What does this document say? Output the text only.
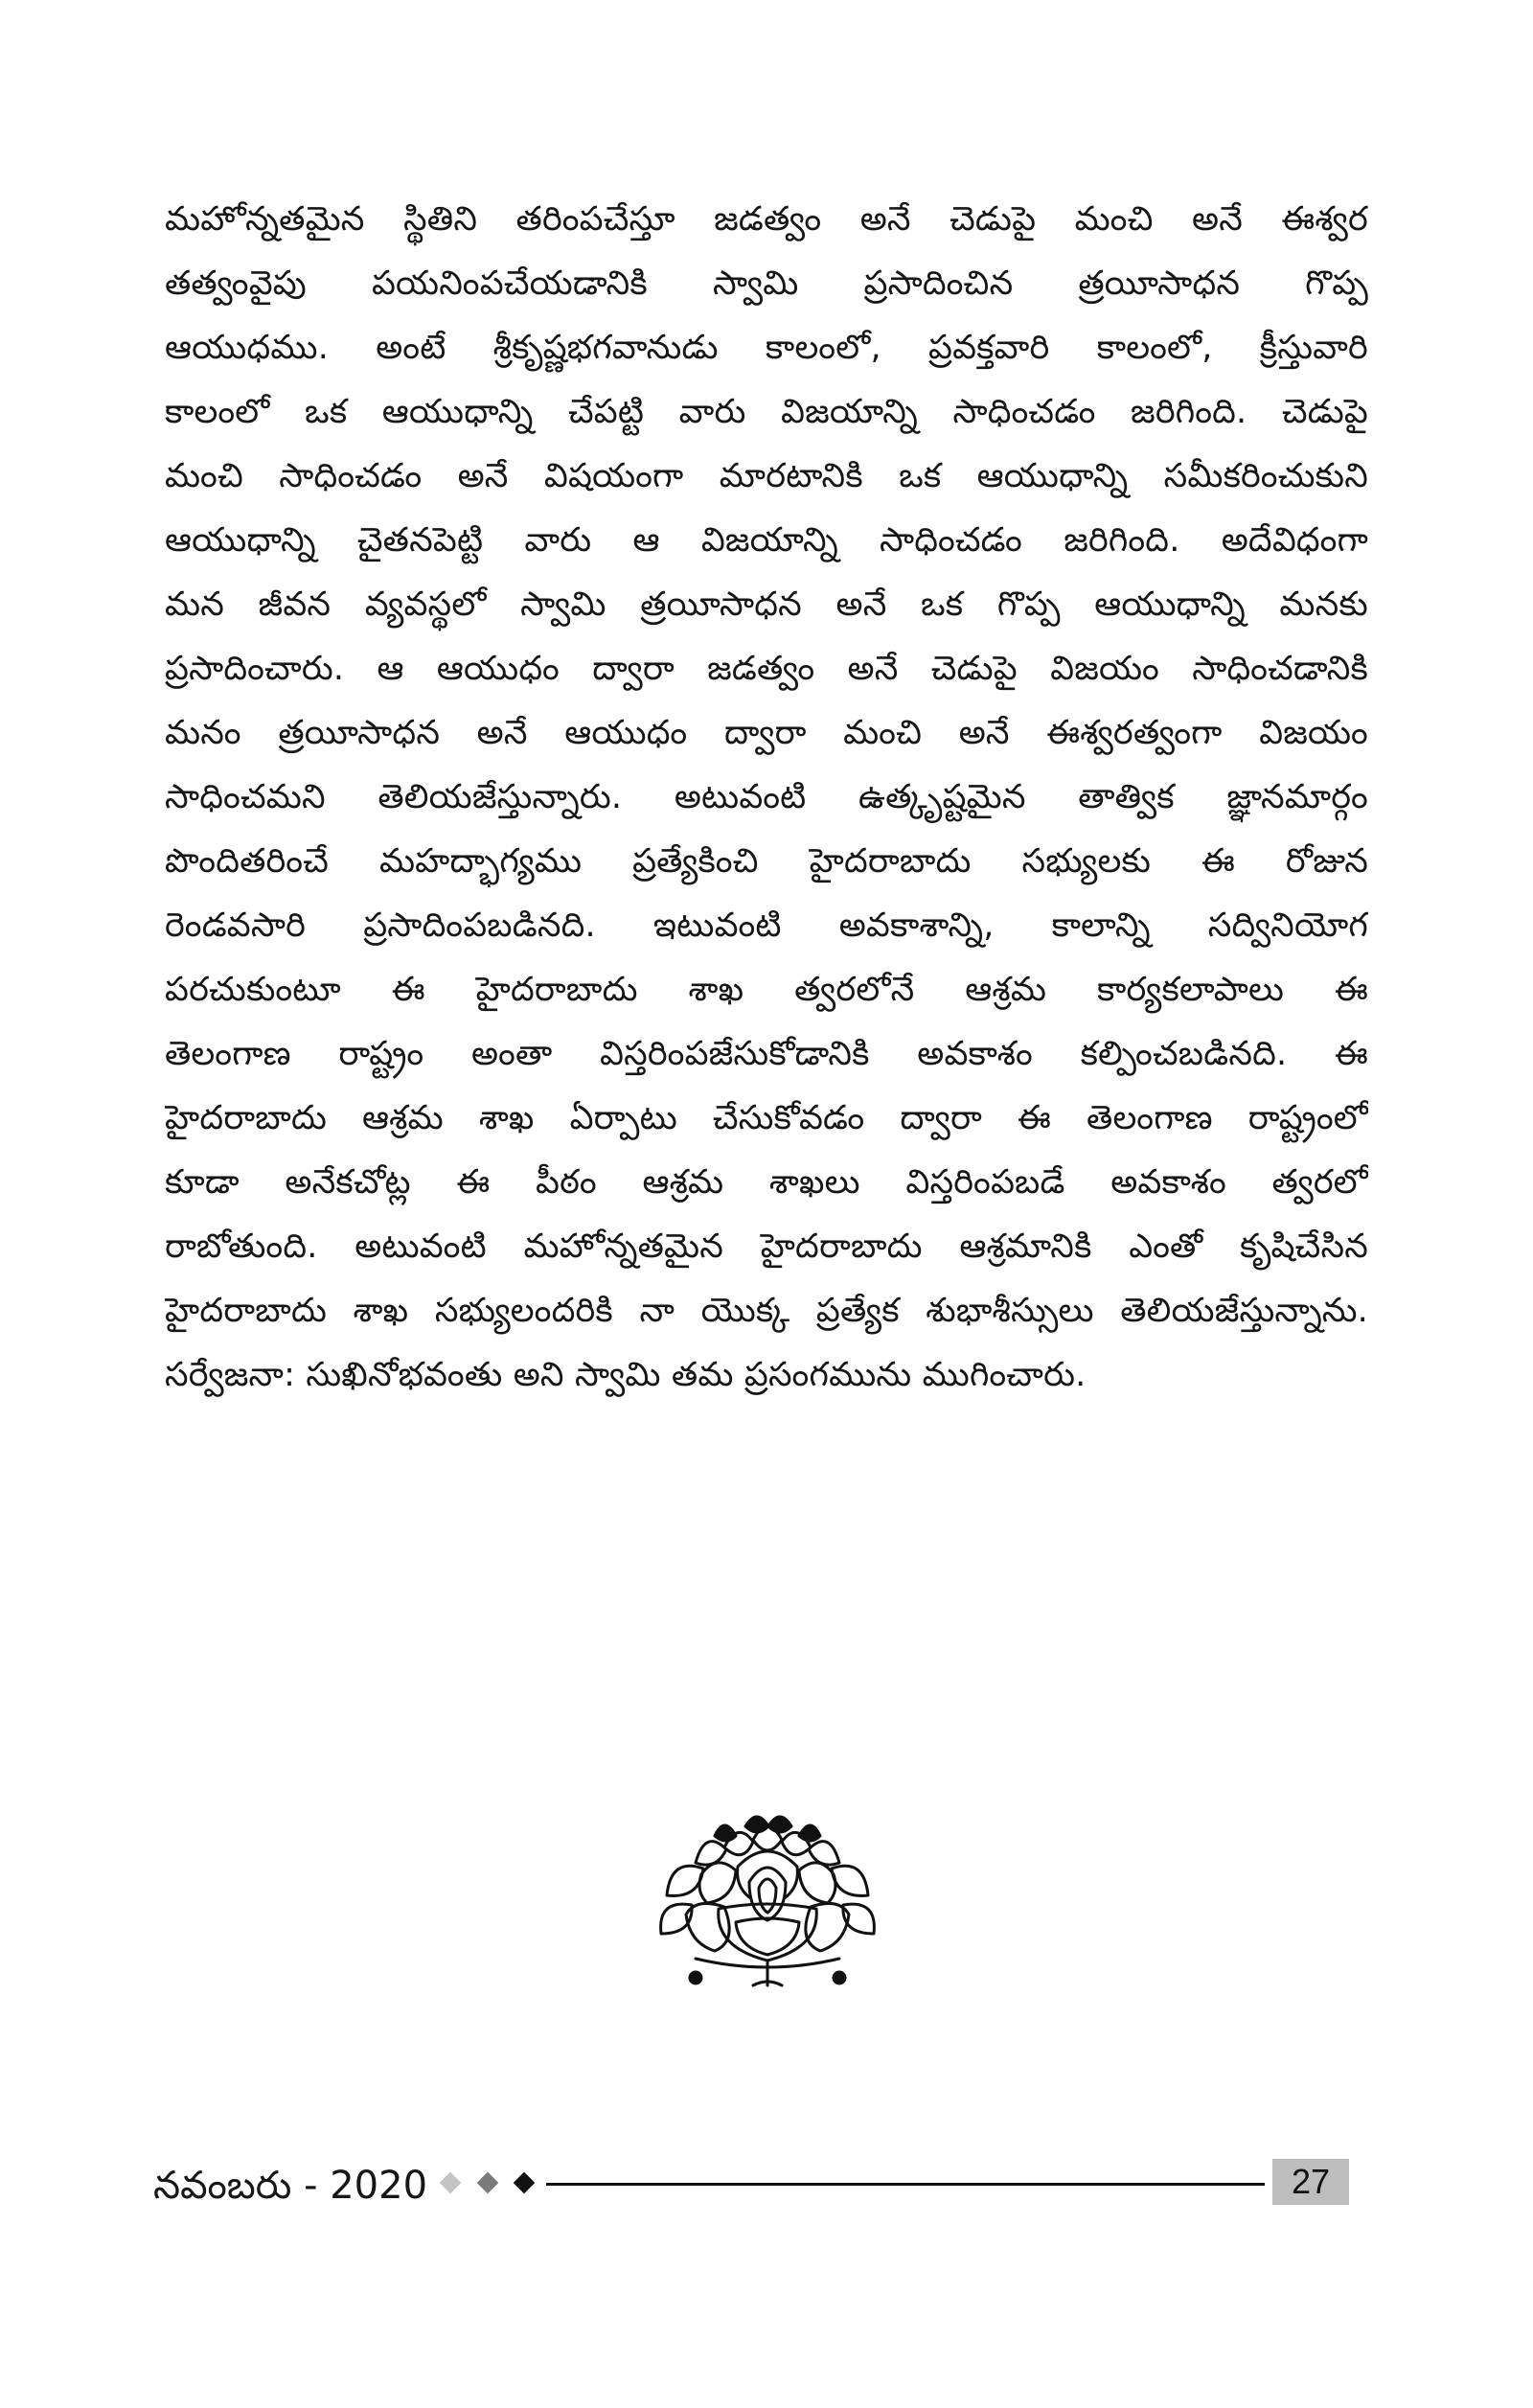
మహోన్నతమైన స్థితిని తరింపచేస్తూ జడత్వం అనే చెడుపై మంచి అనే ఈశ్వర
తత్వంవైపు పయనింపచేయడానికి స్వామి ప్రసాదించిన త్రయీసాధన గొప్ప
ఆయుధము. అంటే శ్రీకృష్ణభగవానుడు కాలంలో, ప్రవక్తవారి కాలంలో, క్రీస్తువారి
కాలంలో ఒక ఆయుధాన్ని చేపట్టి వారు విజయాన్ని సాధించడం జరిగింది. చెడుపై
మంచి సాధించడం అనే విషయంగా మారటానికి ఒక ఆయుధాన్ని సమీకరించుకుని
ఆయుధాన్ని చైతనపెట్టి వారు ఆ విజయాన్ని సాధించడం జరిగింది. అదేవిధంగా
మన జీవన వ్యవస్థలో స్వామి త్రయీసాధన అనే ఒక గొప్ప ఆయుధాన్ని మనకు
ప్రసాదించారు. ఆ ఆయుధం ద్వారా జడత్వం అనే చెడుపై విజయం సాధించడానికి
మనం త్రయీసాధన అనే ఆయుధం ద్వారా మంచి అనే ఈశ్వరత్వంగా విజయం
సాధించమని తెలియజేస్తున్నారు. అటువంటి ఉత్కృష్టమైన తాత్విక జ్ఞానమార్గం
పొందితరించే మహద్భాగ్యము ప్రత్యేకించి హైదరాబాదు సభ్యులకు ఈ రోజున
రెండవసారి ప్రసాదింపబడినది. ఇటువంటి అవకాశాన్ని, కాలాన్ని సద్వినియోగ
పరచుకుంటూ ఈ హైదరాబాదు శాఖ త్వరలోనే ఆశ్రమ కార్యకలాపాలు ఈ
తెలంగాణ రాష్ట్రం అంతా విస్తరింపజేసుకోడానికి అవకాశం కల్పించబడినది. ఈ
హైదరాబాదు ఆశ్రమ శాఖ ఏర్పాటు చేసుకోవడం ద్వారా ఈ తెలంగాణ రాష్ట్రంలో
కూడా అనేకచోట్ల ఈ పీఠం ఆశ్రమ శాఖలు విస్తరింపబడే అవకాశం త్వరలో
రాబోతుంది. అటువంటి మహోన్నతమైన హైదరాబాదు ఆశ్రమానికి ఎంతో కృషిచేసిన
హైదరాబాదు శాఖ సభ్యులందరికి నా యొక్క ప్రత్యేక శుభాశీస్సులు తెలియజేస్తున్నాను.
సర్వేజనా: సుఖినోభవంతు అని స్వామి తమ ప్రసంగమును ముగించారు.
నవంబరు - 2020	27
